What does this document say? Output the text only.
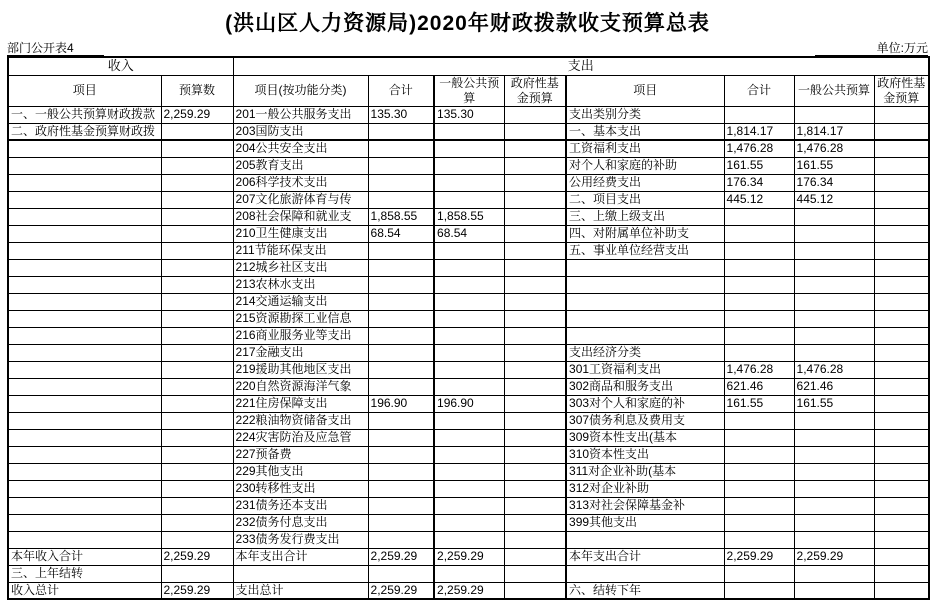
(洪山区人力资源局)2020年财政拨款收支预算总表
部门公开表4	单位:万元
收入		支出							
项目	预算数	项目(按功能分类)	合计	一般公共预算	政府性基金预算	项目	合计	一般公共预算	政府性基金预算
一、一般公共预算财政拨款	2,259.29	201一般公共服务支出	135.30	135.30		支出类别分类			
二、政府性基金预算财政拨		203国防支出				一、基本支出	1,814.17	1,814.17	
		204公共安全支出				工资福利支出	1,476.28	1,476.28	
		205教育支出				对个人和家庭的补助	161.55	161.55	
		206科学技术支出				公用经费支出	176.34	176.34	
		207文化旅游体育与传				二、项目支出	445.12	445.12	
		208社会保障和就业支	1,858.55	1,858.55		三、上缴上级支出			
		210卫生健康支出	68.54	68.54		四、对附属单位补助支			
		211节能环保支出				五、事业单位经营支出			
		212城乡社区支出							
		213农林水支出							
		214交通运输支出							
		215资源勘探工业信息							
		216商业服务业等支出							
		217金融支出				支出经济分类			
		219援助其他地区支出				301工资福利支出	1,476.28	1,476.28	
		220自然资源海洋气象				302商品和服务支出	621.46	621.46	
		221住房保障支出	196.90	196.90		303对个人和家庭的补	161.55	161.55	
		222粮油物资储备支出				307债务利息及费用支			
		224灾害防治及应急管				309资本性支出(基本			
		227预备费				310资本性支出			
		229其他支出				311对企业补助(基本			
		230转移性支出				312对企业补助			
		231债务还本支出				313对社会保障基金补			
		232债务付息支出				399其他支出			
		233债务发行费支出							
本年收入合计	2,259.29	本年支出合计	2,259.29	2,259.29		本年支出合计	2,259.29	2,259.29	
三、上年结转									
收入总计	2,259.29	支出总计	2,259.29	2,259.29		六、结转下年			
